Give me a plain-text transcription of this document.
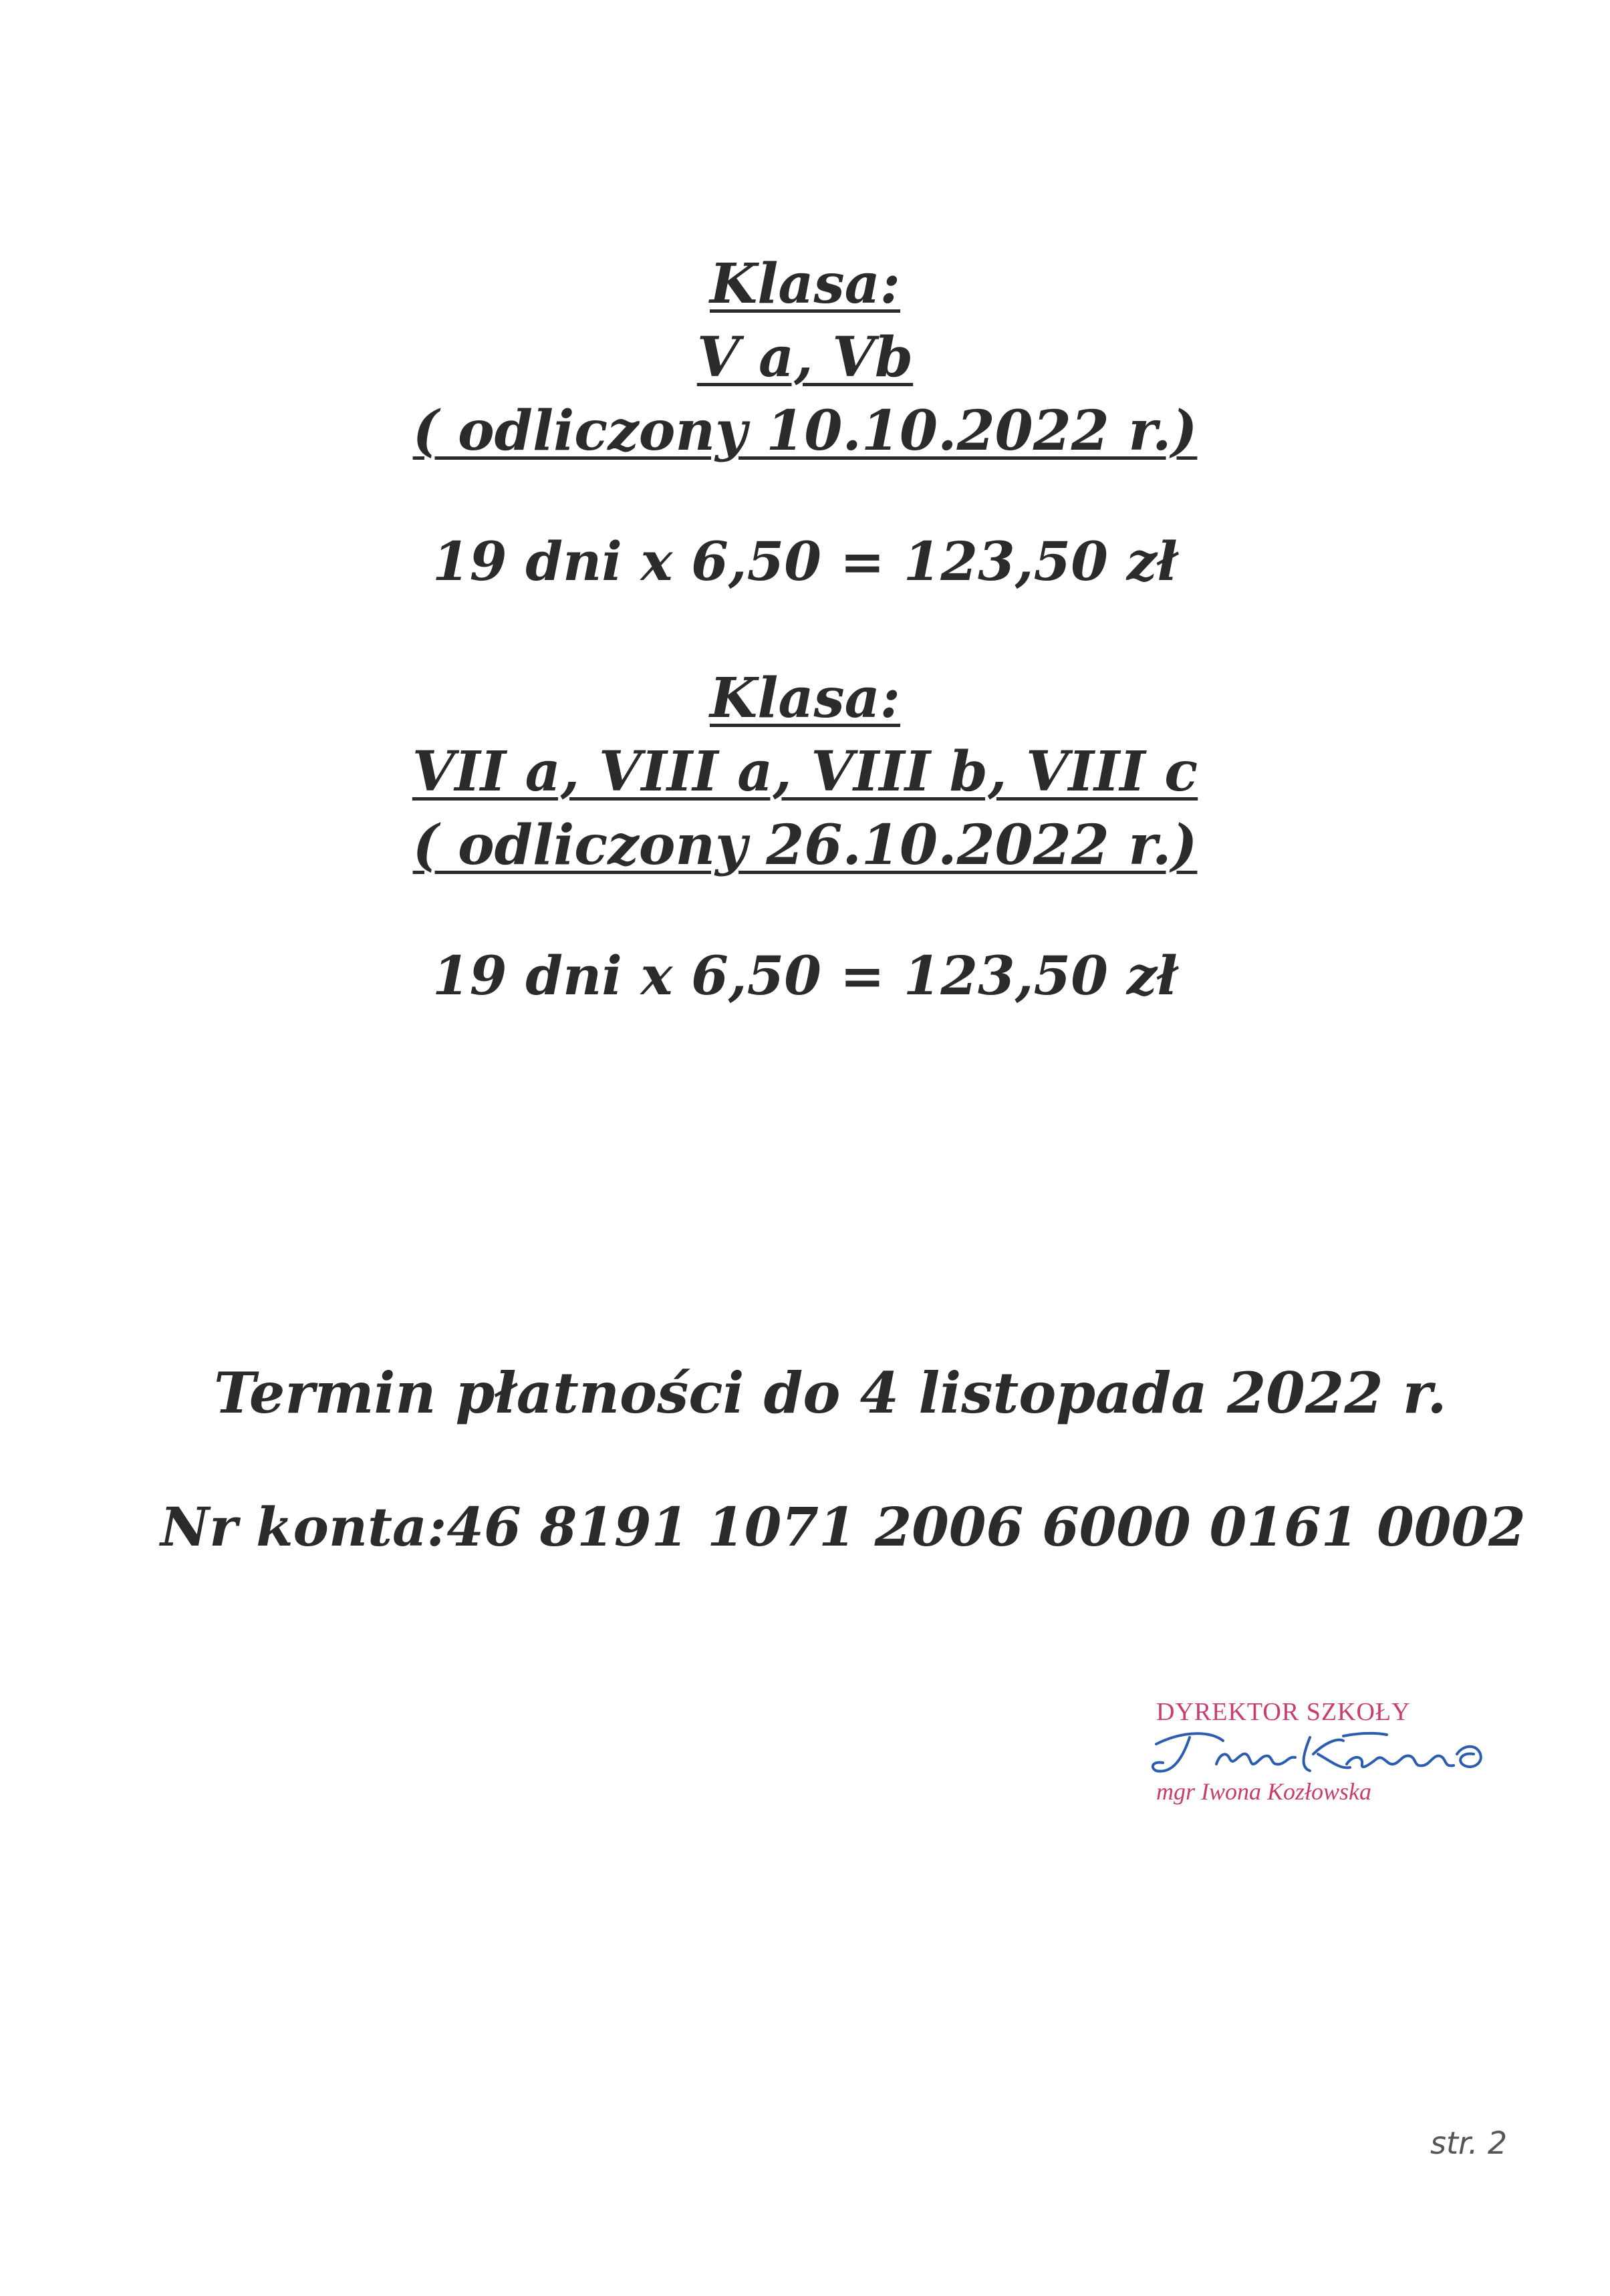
Klasa:
V a, Vb
( odliczony 10.10.2022 r.)
19 dni x 6,50 = 123,50 zł
Klasa:
VII a, VIII a, VIII b, VIII c
( odliczony 26.10.2022 r.)
19 dni x 6,50 = 123,50 zł
Termin płatności do 4 listopada 2022 r.
Nr konta:46 8191 1071 2006 6000 0161 0002
DYREKTOR SZKOŁY
mgr Iwona Kozłowska
str. 2
